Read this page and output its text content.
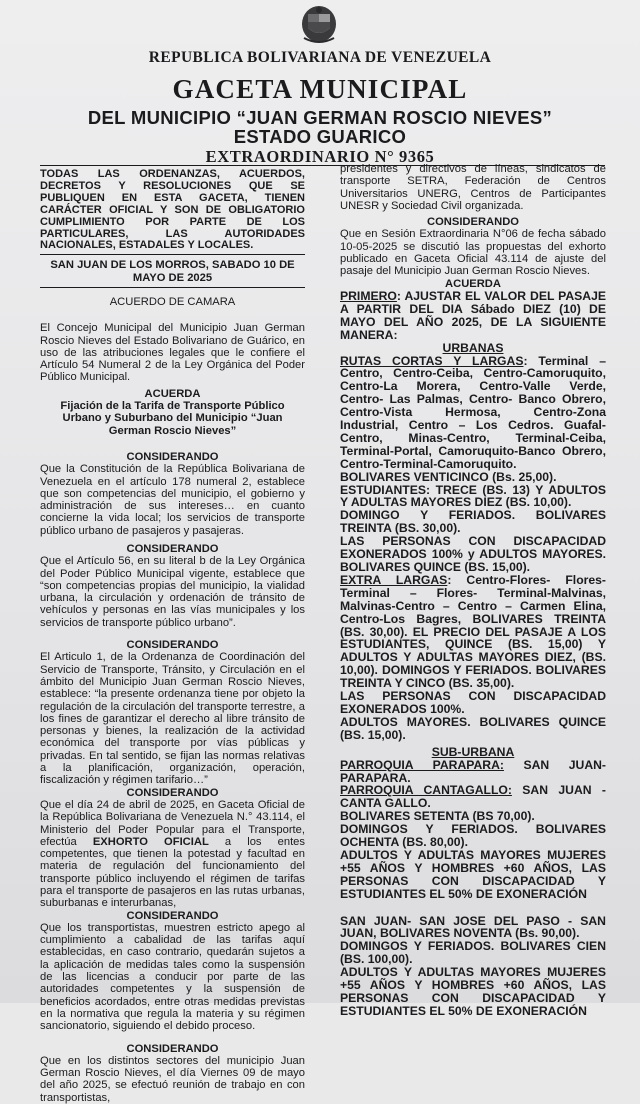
REPUBLICA BOLIVARIANA DE VENEZUELA
GACETA MUNICIPAL
DEL MUNICIPIO “JUAN GERMAN ROSCIO NIEVES”
ESTADO GUARICO
EXTRAORDINARIO N° 9365

TODAS LAS ORDENANZAS, ACUERDOS, DECRETOS Y RESOLUCIONES QUE SE PUBLIQUEN EN ESTA GACETA, TIENEN CARÁCTER OFICIAL Y SON DE OBLIGATORIO CUMPLIMIENTO POR PARTE DE LOS PARTICULARES, LAS AUTORIDADES NACIONALES, ESTADALES Y LOCALES.

SAN JUAN DE LOS MORROS, SABADO 10 DE MAYO DE 2025

ACUERDO DE CAMARA

El Concejo Municipal del Municipio Juan German Roscio Nieves del Estado Bolivariano de Guárico, en uso de las atribuciones legales que le confiere el Artículo 54 Numeral 2 de la Ley Orgánica del Poder Público Municipal.

ACUERDA

Fijación de la Tarifa de Transporte Público Urbano y Suburbano del Municipio “Juan German Roscio Nieves”

CONSIDERANDO

Que la Constitución de la República Bolivariana de Venezuela en el artículo 178 numeral 2, establece que son competencias del municipio, el gobierno y administración de sus intereses… en cuanto concierne la vida local; los servicios de transporte público urbano de pasajeros y pasajeras.

CONSIDERANDO

Que el Artículo 56, en su literal b de la Ley Orgánica del Poder Público Municipal vigente, establece que “son competencias propias del municipio, la vialidad urbana, la circulación y ordenación de tránsito de vehículos y personas en las vías municipales y los servicios de transporte público urbano”.

CONSIDERANDO

El Articulo 1, de la Ordenanza de Coordinación del Servicio de Transporte, Tránsito, y Circulación en el ámbito del Municipio Juan German Roscio Nieves, establece: “la presente ordenanza tiene por objeto la regulación de la circulación del transporte terrestre, a los fines de garantizar el derecho al libre tránsito de personas y bienes, la realización de la actividad económica del transporte por vías públicas y privadas. En tal sentido, se fijan las normas relativas a la planificación, organización, operación, fiscalización y régimen tarifario…”

CONSIDERANDO

Que el día 24 de abril de 2025, en Gaceta Oficial de la República Bolivariana de Venezuela N.° 43.114, el Ministerio del Poder Popular para el Transporte, efectúa EXHORTO OFICIAL a los entes competentes, que tienen la potestad y facultad en materia de regulación del funcionamiento del transporte público incluyendo el régimen de tarifas para el transporte de pasajeros en las rutas urbanas, suburbanas e interurbanas,

CONSIDERANDO

Que los transportistas, muestren estricto apego al cumplimiento a cabalidad de las tarifas aquí establecidas, en caso contrario, quedarán sujetos a la aplicación de medidas tales como la suspensión de las licencias a conducir por parte de las autoridades competentes y la suspensión de beneficios acordados, entre otras medidas previstas en la normativa que regula la materia y su régimen sancionatorio, siguiendo el debido proceso.

CONSIDERANDO

Que en los distintos sectores del municipio Juan German Roscio Nieves, el día Viernes 09 de mayo del año 2025, se efectuó reunión de trabajo en con transportistas,

presidentes y directivos de líneas, sindicatos de transporte SETRA, Federación de Centros Universitarios UNERG, Centros de Participantes UNESR y Sociedad Civil organizada.

CONSIDERANDO

Que en Sesión Extraordinaria N°06 de fecha sábado 10-05-2025 se discutió las propuestas del exhorto publicado en Gaceta Oficial 43.114 de ajuste del pasaje del Municipio Juan German Roscio Nieves.

ACUERDA

PRIMERO: AJUSTAR EL VALOR DEL PASAJE A PARTIR DEL DIA Sábado DIEZ (10) DE MAYO DEL AÑO 2025, DE LA SIGUIENTE MANERA:

URBANAS

RUTAS CORTAS Y LARGAS: Terminal – Centro, Centro-Ceiba, Centro-Camoruquito, Centro-La Morera, Centro-Valle Verde, Centro- Las Palmas, Centro- Banco Obrero, Centro-Vista Hermosa, Centro-Zona Industrial, Centro – Los Cedros. Guafal-Centro, Minas-Centro, Terminal-Ceiba, Terminal-Portal, Camoruquito-Banco Obrero, Centro-Terminal-Camoruquito.

BOLIVARES VENTICINCO (Bs. 25,00).

ESTUDIANTES: TRECE (BS. 13) Y ADULTOS Y ADULTAS MAYORES DIEZ (BS. 10,00).

DOMINGO Y FERIADOS. BOLIVARES TREINTA (BS. 30,00).

LAS PERSONAS CON DISCAPACIDAD EXONERADOS 100% y ADULTOS MAYORES. BOLIVARES QUINCE (BS. 15,00).

EXTRA LARGAS: Centro-Flores- Flores-Terminal – Flores- Terminal-Malvinas, Malvinas-Centro – Centro – Carmen Elina, Centro-Los Bagres, BOLIVARES TREINTA (BS. 30,00). EL PRECIO DEL PASAJE A LOS ESTUDIANTES, QUINCE (BS. 15,00) Y ADULTOS Y ADULTAS MAYORES DIEZ, (BS. 10,00). DOMINGOS Y FERIADOS. BOLIVARES TREINTA Y CINCO (BS. 35,00).

LAS PERSONAS CON DISCAPACIDAD EXONERADOS 100%.

ADULTOS MAYORES. BOLIVARES QUINCE (BS. 15,00).

SUB-URBANA

PARROQUIA PARAPARA: SAN JUAN-PARAPARA.

PARROQUIA CANTAGALLO: SAN JUAN -CANTA GALLO.

BOLIVARES SETENTA (BS 70,00).

DOMINGOS Y FERIADOS. BOLIVARES OCHENTA (BS. 80,00).

ADULTOS Y ADULTAS MAYORES MUJERES +55 AÑOS Y HOMBRES +60 AÑOS, LAS PERSONAS CON DISCAPACIDAD Y ESTUDIANTES EL 50% DE EXONERACIÓN

SAN JUAN- SAN JOSE DEL PASO - SAN JUAN, BOLIVARES NOVENTA (Bs. 90,00).

DOMINGOS Y FERIADOS. BOLIVARES CIEN (BS. 100,00).

ADULTOS Y ADULTAS MAYORES MUJERES +55 AÑOS Y HOMBRES +60 AÑOS, LAS PERSONAS CON DISCAPACIDAD Y ESTUDIANTES EL 50% DE EXONERACIÓN
